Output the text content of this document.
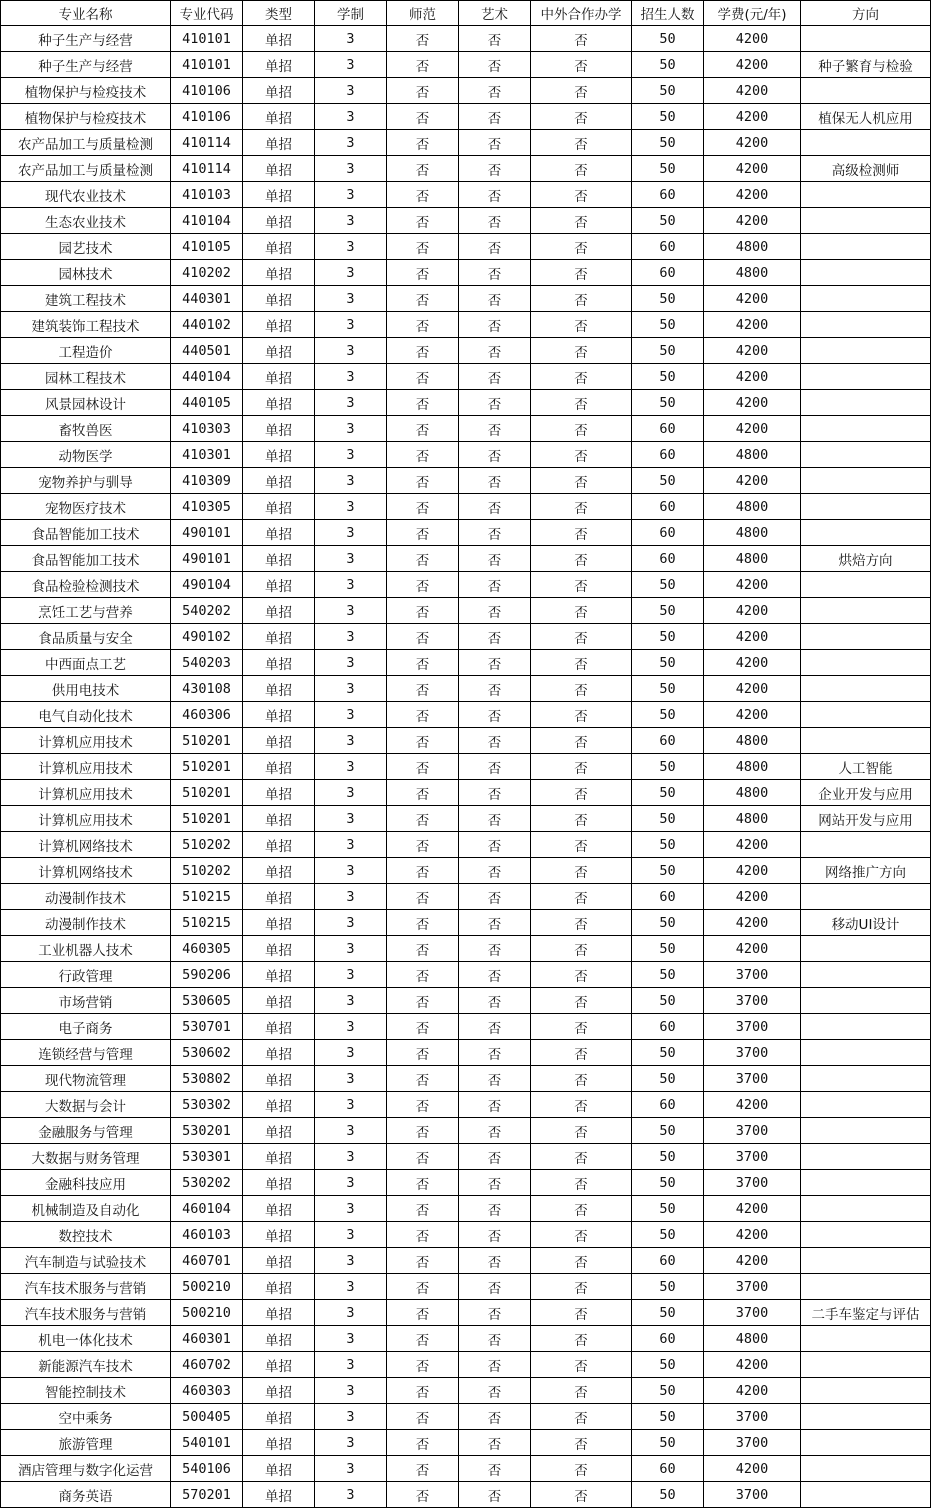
专业名称	专业代码	类型	学制	师范	艺术	中外合作办学	招生人数	学费(元/年)	方向
种子生产与经营	410101	单招	3	否	否	否	50	4200	
种子生产与经营	410101	单招	3	否	否	否	50	4200	种子繁育与检验
植物保护与检疫技术	410106	单招	3	否	否	否	50	4200	
植物保护与检疫技术	410106	单招	3	否	否	否	50	4200	植保无人机应用
农产品加工与质量检测	410114	单招	3	否	否	否	50	4200	
农产品加工与质量检测	410114	单招	3	否	否	否	50	4200	高级检测师
现代农业技术	410103	单招	3	否	否	否	60	4200	
生态农业技术	410104	单招	3	否	否	否	50	4200	
园艺技术	410105	单招	3	否	否	否	60	4800	
园林技术	410202	单招	3	否	否	否	60	4800	
建筑工程技术	440301	单招	3	否	否	否	50	4200	
建筑装饰工程技术	440102	单招	3	否	否	否	50	4200	
工程造价	440501	单招	3	否	否	否	50	4200	
园林工程技术	440104	单招	3	否	否	否	50	4200	
风景园林设计	440105	单招	3	否	否	否	50	4200	
畜牧兽医	410303	单招	3	否	否	否	60	4200	
动物医学	410301	单招	3	否	否	否	60	4800	
宠物养护与驯导	410309	单招	3	否	否	否	50	4200	
宠物医疗技术	410305	单招	3	否	否	否	60	4800	
食品智能加工技术	490101	单招	3	否	否	否	60	4800	
食品智能加工技术	490101	单招	3	否	否	否	60	4800	烘焙方向
食品检验检测技术	490104	单招	3	否	否	否	50	4200	
烹饪工艺与营养	540202	单招	3	否	否	否	50	4200	
食品质量与安全	490102	单招	3	否	否	否	50	4200	
中西面点工艺	540203	单招	3	否	否	否	50	4200	
供用电技术	430108	单招	3	否	否	否	50	4200	
电气自动化技术	460306	单招	3	否	否	否	50	4200	
计算机应用技术	510201	单招	3	否	否	否	60	4800	
计算机应用技术	510201	单招	3	否	否	否	50	4800	人工智能
计算机应用技术	510201	单招	3	否	否	否	50	4800	企业开发与应用
计算机应用技术	510201	单招	3	否	否	否	50	4800	网站开发与应用
计算机网络技术	510202	单招	3	否	否	否	50	4200	
计算机网络技术	510202	单招	3	否	否	否	50	4200	网络推广方向
动漫制作技术	510215	单招	3	否	否	否	60	4200	
动漫制作技术	510215	单招	3	否	否	否	50	4200	移动UI设计
工业机器人技术	460305	单招	3	否	否	否	50	4200	
行政管理	590206	单招	3	否	否	否	50	3700	
市场营销	530605	单招	3	否	否	否	50	3700	
电子商务	530701	单招	3	否	否	否	60	3700	
连锁经营与管理	530602	单招	3	否	否	否	50	3700	
现代物流管理	530802	单招	3	否	否	否	50	3700	
大数据与会计	530302	单招	3	否	否	否	60	4200	
金融服务与管理	530201	单招	3	否	否	否	50	3700	
大数据与财务管理	530301	单招	3	否	否	否	50	3700	
金融科技应用	530202	单招	3	否	否	否	50	3700	
机械制造及自动化	460104	单招	3	否	否	否	50	4200	
数控技术	460103	单招	3	否	否	否	50	4200	
汽车制造与试验技术	460701	单招	3	否	否	否	60	4200	
汽车技术服务与营销	500210	单招	3	否	否	否	50	3700	
汽车技术服务与营销	500210	单招	3	否	否	否	50	3700	二手车鉴定与评估
机电一体化技术	460301	单招	3	否	否	否	60	4800	
新能源汽车技术	460702	单招	3	否	否	否	50	4200	
智能控制技术	460303	单招	3	否	否	否	50	4200	
空中乘务	500405	单招	3	否	否	否	50	3700	
旅游管理	540101	单招	3	否	否	否	50	3700	
酒店管理与数字化运营	540106	单招	3	否	否	否	60	4200	
商务英语	570201	单招	3	否	否	否	50	3700	
